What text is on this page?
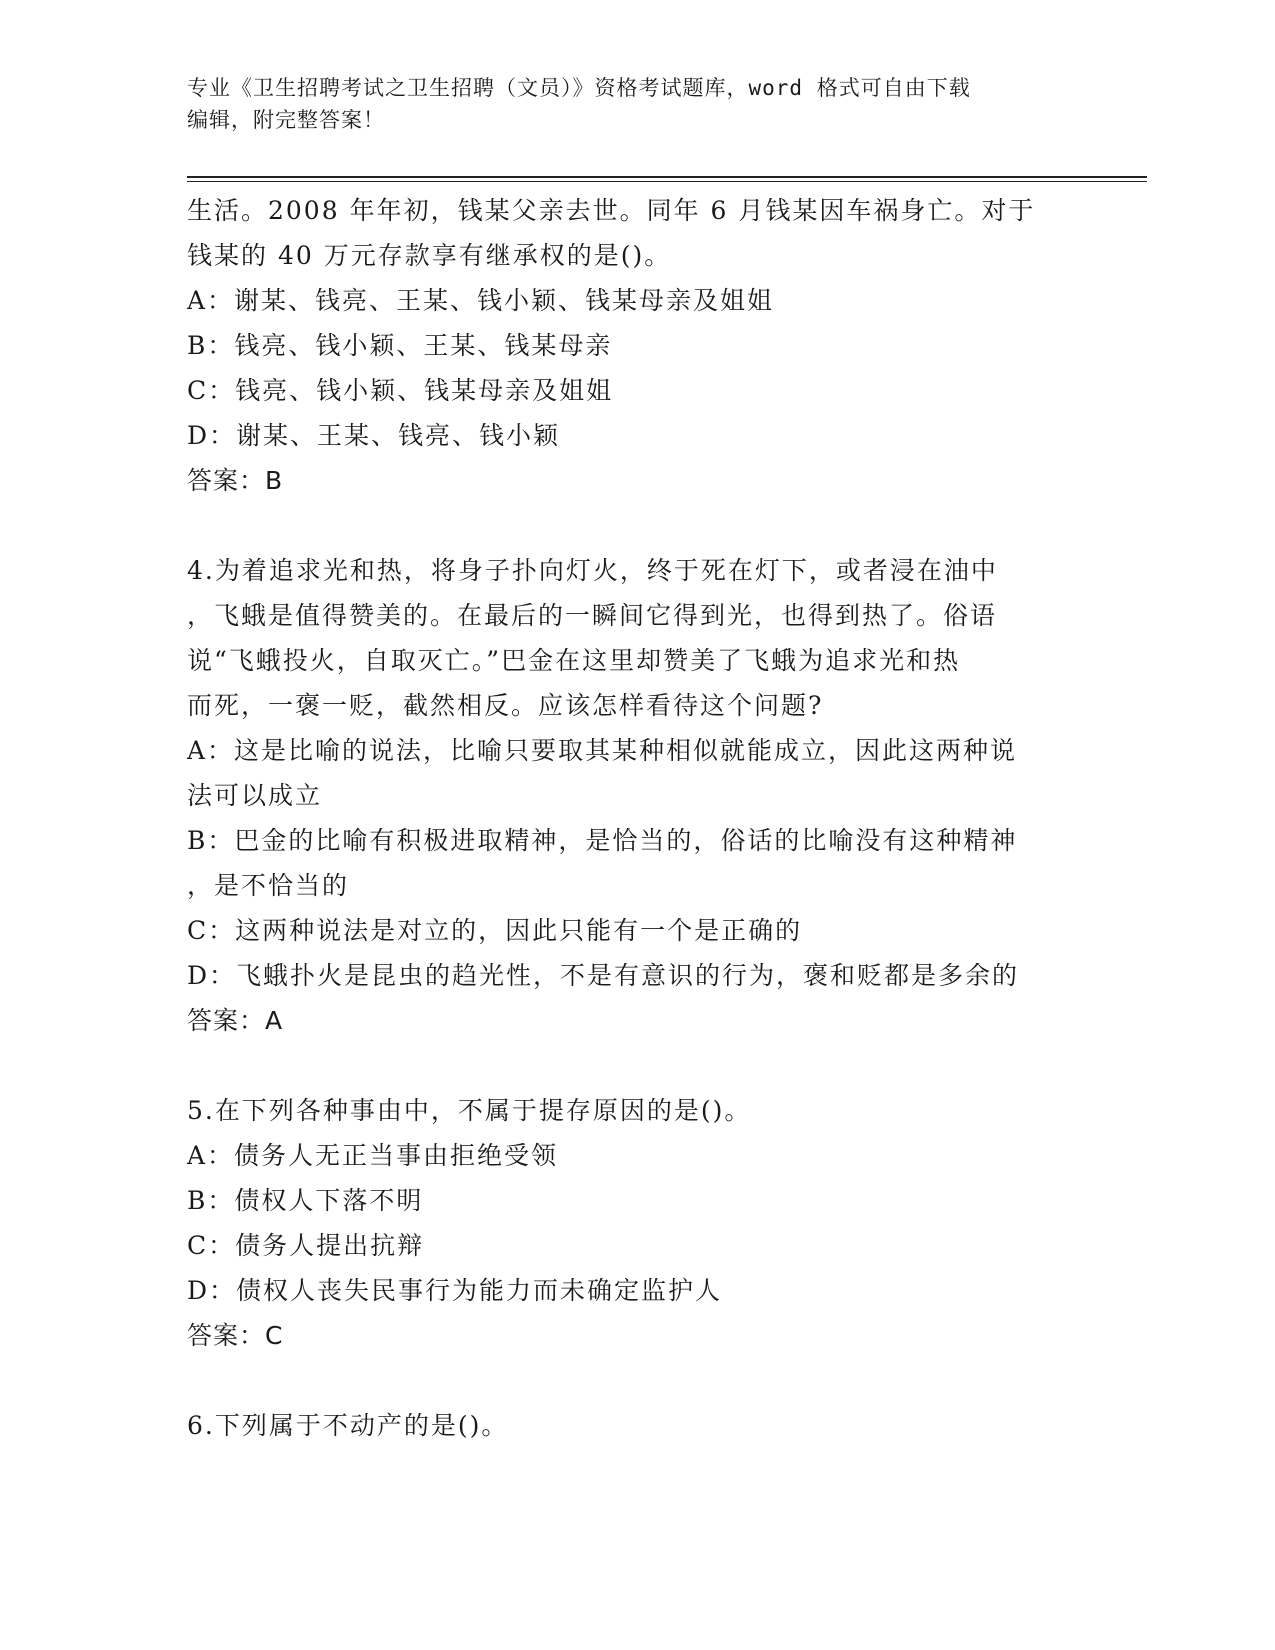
专业《卫生招聘考试之卫生招聘（文员）》资格考试题库，word 格式可自由下载
编辑，附完整答案！
生活。2008 年年初，钱某父亲去世。同年 6 月钱某因车祸身亡。对于
钱某的 40 万元存款享有继承权的是()。
A：谢某、钱亮、王某、钱小颖、钱某母亲及姐姐
B：钱亮、钱小颖、王某、钱某母亲
C：钱亮、钱小颖、钱某母亲及姐姐
D：谢某、王某、钱亮、钱小颖
答案：B
4.为着追求光和热，将身子扑向灯火，终于死在灯下，或者浸在油中
，飞蛾是值得赞美的。在最后的一瞬间它得到光，也得到热了。俗语
说“飞蛾投火，自取灭亡。”巴金在这里却赞美了飞蛾为追求光和热
而死，一褒一贬，截然相反。应该怎样看待这个问题?
A：这是比喻的说法，比喻只要取其某种相似就能成立，因此这两种说
法可以成立
B：巴金的比喻有积极进取精神，是恰当的，俗话的比喻没有这种精神
，是不恰当的
C：这两种说法是对立的，因此只能有一个是正确的
D：飞蛾扑火是昆虫的趋光性，不是有意识的行为，褒和贬都是多余的
答案：A
5.在下列各种事由中，不属于提存原因的是()。
A：债务人无正当事由拒绝受领
B：债权人下落不明
C：债务人提出抗辩
D：债权人丧失民事行为能力而未确定监护人
答案：C
6.下列属于不动产的是()。
